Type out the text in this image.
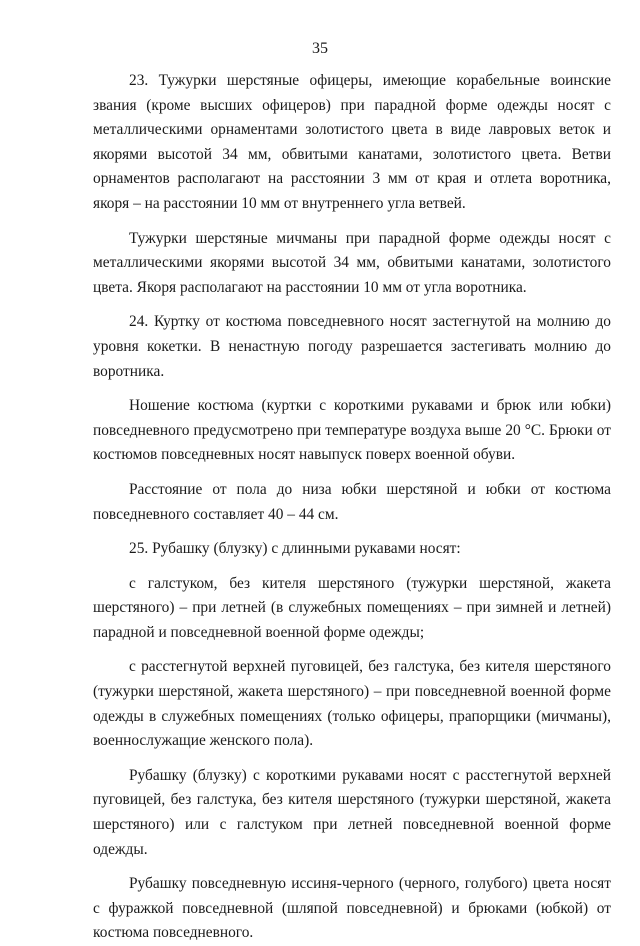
35

23. Тужурки шерстяные офицеры, имеющие корабельные воинские звания (кроме высших офицеров) при парадной форме одежды носят с металлическими орнаментами золотистого цвета в виде лавровых веток и якорями высотой 34 мм, обвитыми канатами, золотистого цвета. Ветви орнаментов располагают на расстоянии 3 мм от края и отлета воротника, якоря – на расстоянии 10 мм от внутреннего угла ветвей.

Тужурки шерстяные мичманы при парадной форме одежды носят с металлическими якорями высотой 34 мм, обвитыми канатами, золотистого цвета. Якоря располагают на расстоянии 10 мм от угла воротника.

24. Куртку от костюма повседневного носят застегнутой на молнию до уровня кокетки. В ненастную погоду разрешается застегивать молнию до воротника.

Ношение костюма (куртки с короткими рукавами и брюк или юбки) повседневного предусмотрено при температуре воздуха выше 20 °С. Брюки от костюмов повседневных носят навыпуск поверх военной обуви.

Расстояние от пола до низа юбки шерстяной и юбки от костюма повседневного составляет 40 – 44 см.

25. Рубашку (блузку) с длинными рукавами носят:

с галстуком, без кителя шерстяного (тужурки шерстяной, жакета шерстяного) – при летней (в служебных помещениях – при зимней и летней) парадной и повседневной военной форме одежды;

с расстегнутой верхней пуговицей, без галстука, без кителя шерстяного (тужурки шерстяной, жакета шерстяного) – при повседневной военной форме одежды в служебных помещениях (только офицеры, прапорщики (мичманы), военнослужащие женского пола).

Рубашку (блузку) с короткими рукавами носят с расстегнутой верхней пуговицей, без галстука, без кителя шерстяного (тужурки шерстяной, жакета шерстяного) или с галстуком при летней повседневной военной форме одежды.

Рубашку повседневную иссиня-черного (черного, голубого) цвета носят с фуражкой повседневной (шляпой повседневной) и брюками (юбкой) от костюма повседневного.
